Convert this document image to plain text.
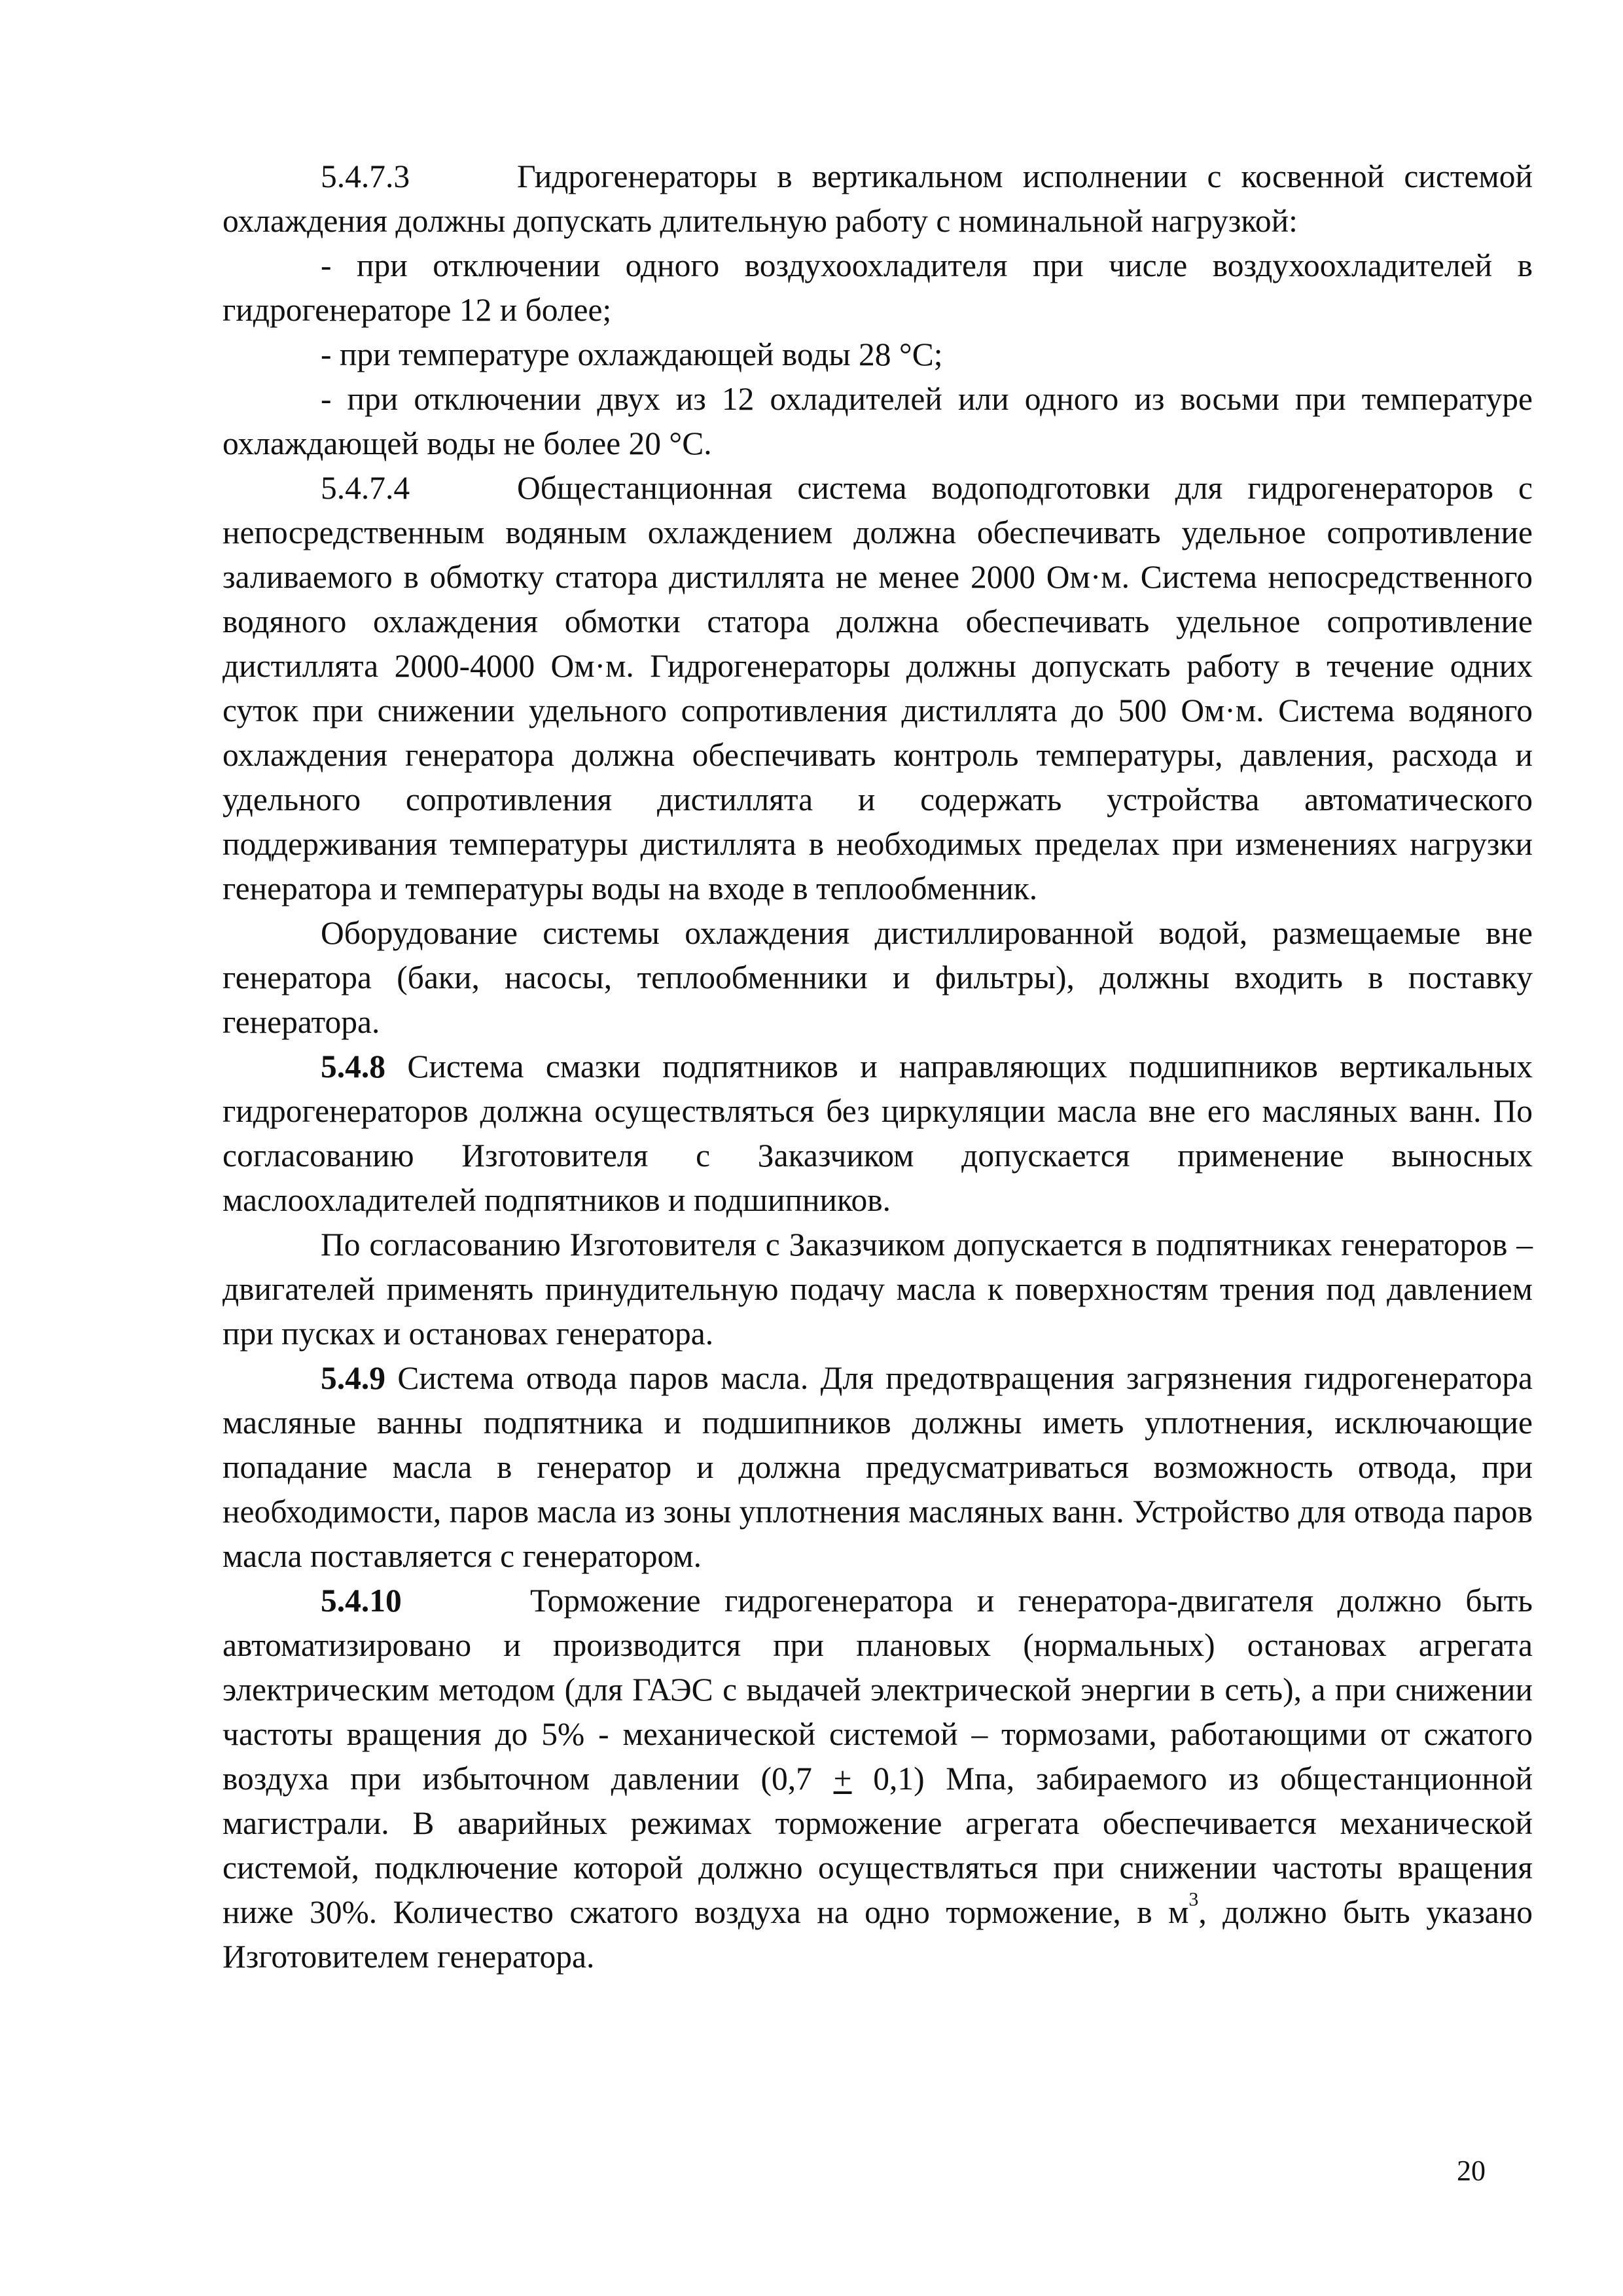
5.4.7.3	Гидрогенераторы в вертикальном исполнении с косвенной системой охлаждения должны допускать длительную работу с номинальной нагрузкой:

- при отключении одного воздухоохладителя при числе воздухоохладителей в гидрогенераторе 12 и более;

- при температуре охлаждающей воды 28 °С;

- при отключении двух из 12 охладителей или одного из восьми при температуре охлаждающей воды не более 20 °С.

5.4.7.4	Общестанционная система водоподготовки для гидрогенераторов с непосредственным водяным охлаждением должна обеспечивать удельное сопротивление заливаемого в обмотку статора дистиллята не менее 2000 Ом·м. Система непосредственного водяного охлаждения обмотки статора должна обеспечивать удельное сопротивление дистиллята 2000-4000 Ом·м. Гидрогенераторы должны допускать работу в течение одних суток при снижении удельного сопротивления дистиллята до 500 Ом·м. Система водяного охлаждения генератора должна обеспечивать контроль температуры, давления, расхода и удельного сопротивления дистиллята и содержать устройства автоматического поддерживания температуры дистиллята в необходимых пределах при изменениях нагрузки генератора и температуры воды на входе в теплообменник.

Оборудование системы охлаждения дистиллированной водой, размещаемые вне генератора (баки, насосы, теплообменники и фильтры), должны входить в поставку генератора.

5.4.8 Система смазки подпятников и направляющих подшипников вертикальных гидрогенераторов должна осуществляться без циркуляции масла вне его масляных ванн. По согласованию Изготовителя с Заказчиком допускается применение выносных маслоохладителей подпятников и подшипников.

По согласованию Изготовителя с Заказчиком допускается в подпятниках генераторов – двигателей применять принудительную подачу масла к поверхностям трения под давлением при пусках и остановах генератора.

5.4.9 Система отвода паров масла. Для предотвращения загрязнения гидрогенератора масляные ванны подпятника и подшипников должны иметь уплотнения, исключающие попадание масла в генератор и должна предусматриваться возможность отвода, при необходимости, паров масла из зоны уплотнения масляных ванн. Устройство для отвода паров масла поставляется с генератором.

5.4.10	Торможение гидрогенератора и генератора-двигателя должно быть автоматизировано и производится при плановых (нормальных) остановах агрегата электрическим методом (для ГАЭС с выдачей электрической энергии в сеть), а при снижении частоты вращения до 5% - механической системой – тормозами, работающими от сжатого воздуха при избыточном давлении (0,7 + 0,1) Мпа, забираемого из общестанционной магистрали. В аварийных режимах торможение агрегата обеспечивается механической системой, подключение которой должно осуществляться при снижении частоты вращения ниже 30%. Количество сжатого воздуха на одно торможение, в $м^3$, должно быть указано Изготовителем генератора.

20
